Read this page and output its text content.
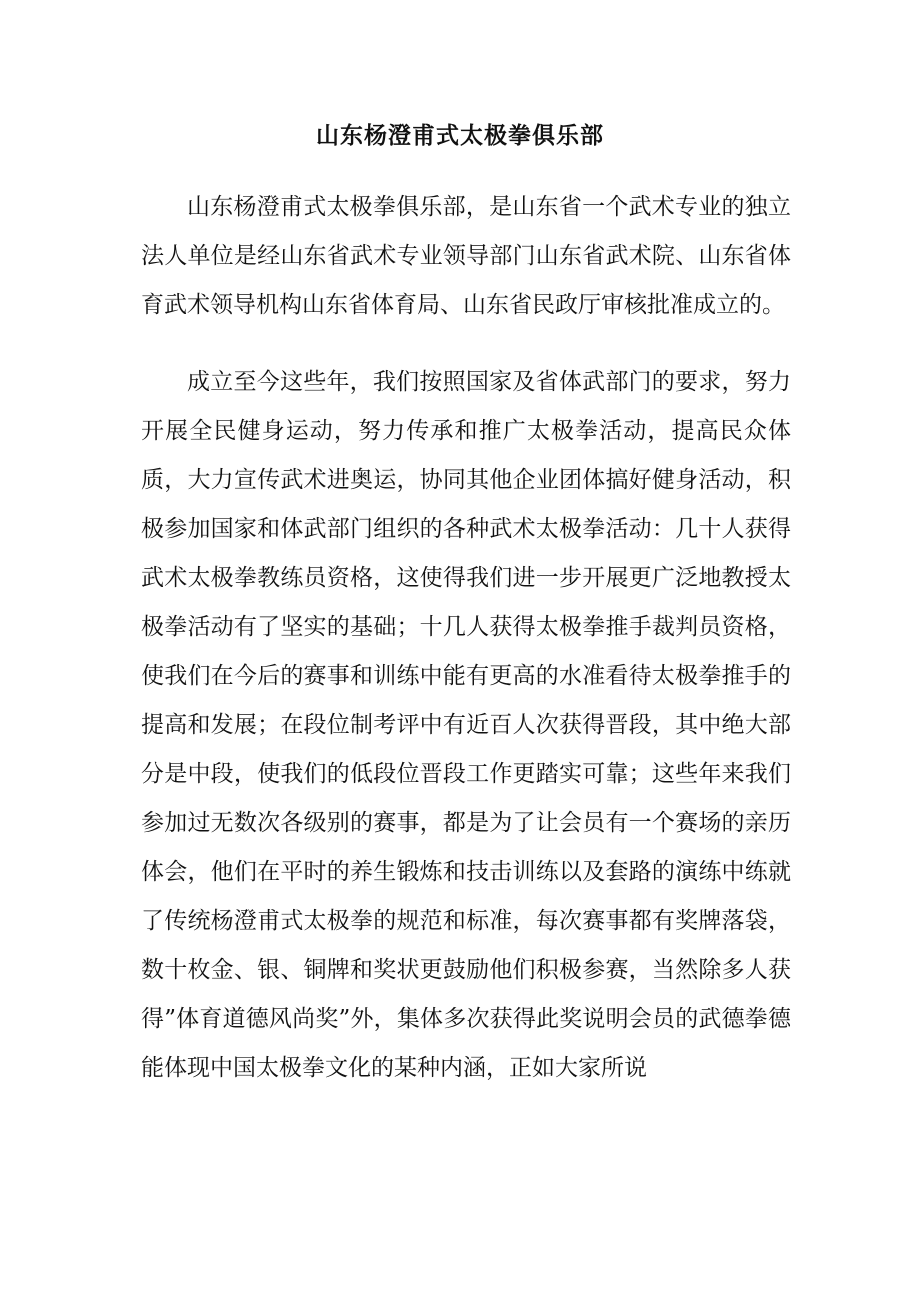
山东杨澄甫式太极拳俱乐部

山东杨澄甫式太极拳俱乐部，是山东省一个武术专业的独立法人单位是经山东省武术专业领导部门山东省武术院、山东省体育武术领导机构山东省体育局、山东省民政厅审核批准成立的。

成立至今这些年，我们按照国家及省体武部门的要求，努力开展全民健身运动，努力传承和推广太极拳活动，提高民众体质，大力宣传武术进奥运，协同其他企业团体搞好健身活动，积极参加国家和体武部门组织的各种武术太极拳活动：几十人获得武术太极拳教练员资格，这使得我们进一步开展更广泛地教授太极拳活动有了坚实的基础；十几人获得太极拳推手裁判员资格，使我们在今后的赛事和训练中能有更高的水准看待太极拳推手的提高和发展；在段位制考评中有近百人次获得晋段，其中绝大部分是中段，使我们的低段位晋段工作更踏实可靠；这些年来我们参加过无数次各级别的赛事，都是为了让会员有一个赛场的亲历体会，他们在平时的养生锻炼和技击训练以及套路的演练中练就了传统杨澄甫式太极拳的规范和标准，每次赛事都有奖牌落袋，数十枚金、银、铜牌和奖状更鼓励他们积极参赛，当然除多人获得”体育道德风尚奖”外，集体多次获得此奖说明会员的武德拳德能体现中国太极拳文化的某种内涵，正如大家所说
